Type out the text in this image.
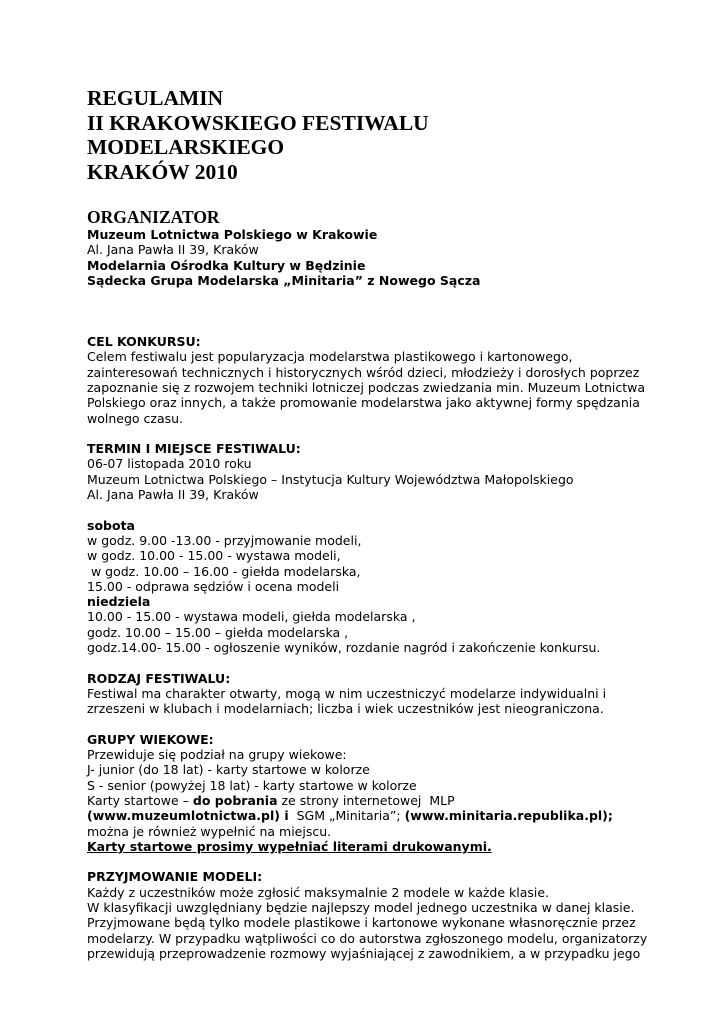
REGULAMIN
II KRAKOWSKIEGO FESTIWALU
MODELARSKIEGO
KRAKÓW 2010
ORGANIZATOR
Muzeum Lotnictwa Polskiego w Krakowie
Al. Jana Pawła II 39, Kraków
Modelarnia Ośrodka Kultury w Będzinie
Sądecka Grupa Modelarska „Minitaria” z Nowego Sącza
CEL KONKURSU:
Celem festiwalu jest popularyzacja modelarstwa plastikowego i kartonowego,
zainteresowań technicznych i historycznych wśród dzieci, młodzieży i dorosłych poprzez
zapoznanie się z rozwojem techniki lotniczej podczas zwiedzania min. Muzeum Lotnictwa
Polskiego oraz innych, a także promowanie modelarstwa jako aktywnej formy spędzania
wolnego czasu.
TERMIN I MIEJSCE FESTIWALU:
06-07 listopada 2010 roku
Muzeum Lotnictwa Polskiego – Instytucja Kultury Województwa Małopolskiego
Al. Jana Pawła II 39, Kraków
sobota
w godz. 9.00 -13.00 - przyjmowanie modeli,
w godz. 10.00 - 15.00 - wystawa modeli,
w godz. 10.00 – 16.00 - giełda modelarska,
15.00 - odprawa sędziów i ocena modeli
niedziela
10.00 - 15.00 - wystawa modeli, giełda modelarska ,
godz. 10.00 – 15.00 – giełda modelarska ,
godz.14.00- 15.00 - ogłoszenie wyników, rozdanie nagród i zakończenie konkursu.
RODZAJ FESTIWALU:
Festiwal ma charakter otwarty, mogą w nim uczestniczyć modelarze indywidualni i
zrzeszeni w klubach i modelarniach; liczba i wiek uczestników jest nieograniczona.
GRUPY WIEKOWE:
Przewiduje się podział na grupy wiekowe:
J- junior (do 18 lat) - karty startowe w kolorze
S - senior (powyżej 18 lat) - karty startowe w kolorze
Karty startowe – do pobrania ze strony internetowej  MLP
(www.muzeumlotnictwa.pl) i  SGM „Minitaria”; (www.minitaria.republika.pl);
można je również wypełnić na miejscu.
Karty startowe prosimy wypełniać literami drukowanymi.
PRZYJMOWANIE MODELI:
Każdy z uczestników może zgłosić maksymalnie 2 modele w każde klasie.
W klasyfikacji uwzględniany będzie najlepszy model jednego uczestnika w danej klasie.
Przyjmowane będą tylko modele plastikowe i kartonowe wykonane własnoręcznie przez
modelarzy. W przypadku wątpliwości co do autorstwa zgłoszonego modelu, organizatorzy
przewidują przeprowadzenie rozmowy wyjaśniającej z zawodnikiem, a w przypadku jego
